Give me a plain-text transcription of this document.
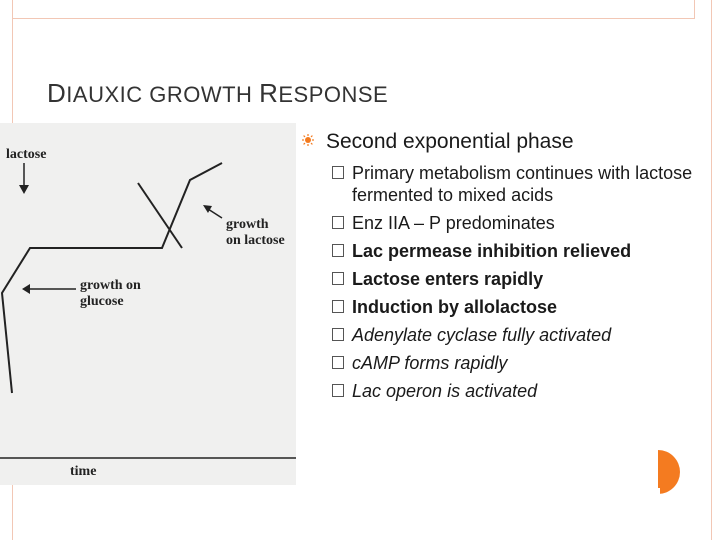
DIAUXIC GROWTH RESPONSE
lactose
growth
on lactose
growth on
glucose
time
Second exponential phase
Primary metabolism continues with lactose fermented to mixed acids
Enz IIA – P predominates
Lac permease inhibition relieved
Lactose enters rapidly
Induction by allolactose
Adenylate cyclase fully activated
cAMP forms rapidly
Lac operon is activated
